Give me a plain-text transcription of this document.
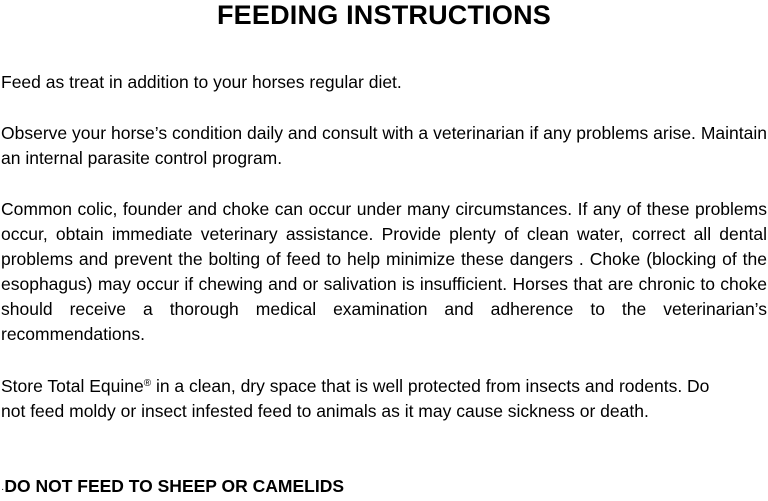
FEEDING INSTRUCTIONS

Feed as treat in addition to your horses regular diet.

Observe your horse’s condition daily and consult with a veterinarian if any problems arise. Maintain an internal parasite control program.

Common colic, founder and choke can occur under many circumstances. If any of these problems occur, obtain immediate veterinary assistance. Provide plenty of clean water, correct all dental problems and prevent the bolting of feed to help minimize these dangers . Choke (blocking of the esophagus) may occur if chewing and or salivation is insufficient. Horses that are chronic to choke should receive a thorough medical examination and adherence to the veterinarian’s recommendations.

Store Total Equine® in a clean, dry space that is well protected from insects and rodents. Do not feed moldy or insect infested feed to animals as it may cause sickness or death.

·DO NOT FEED TO SHEEP OR CAMELIDS
